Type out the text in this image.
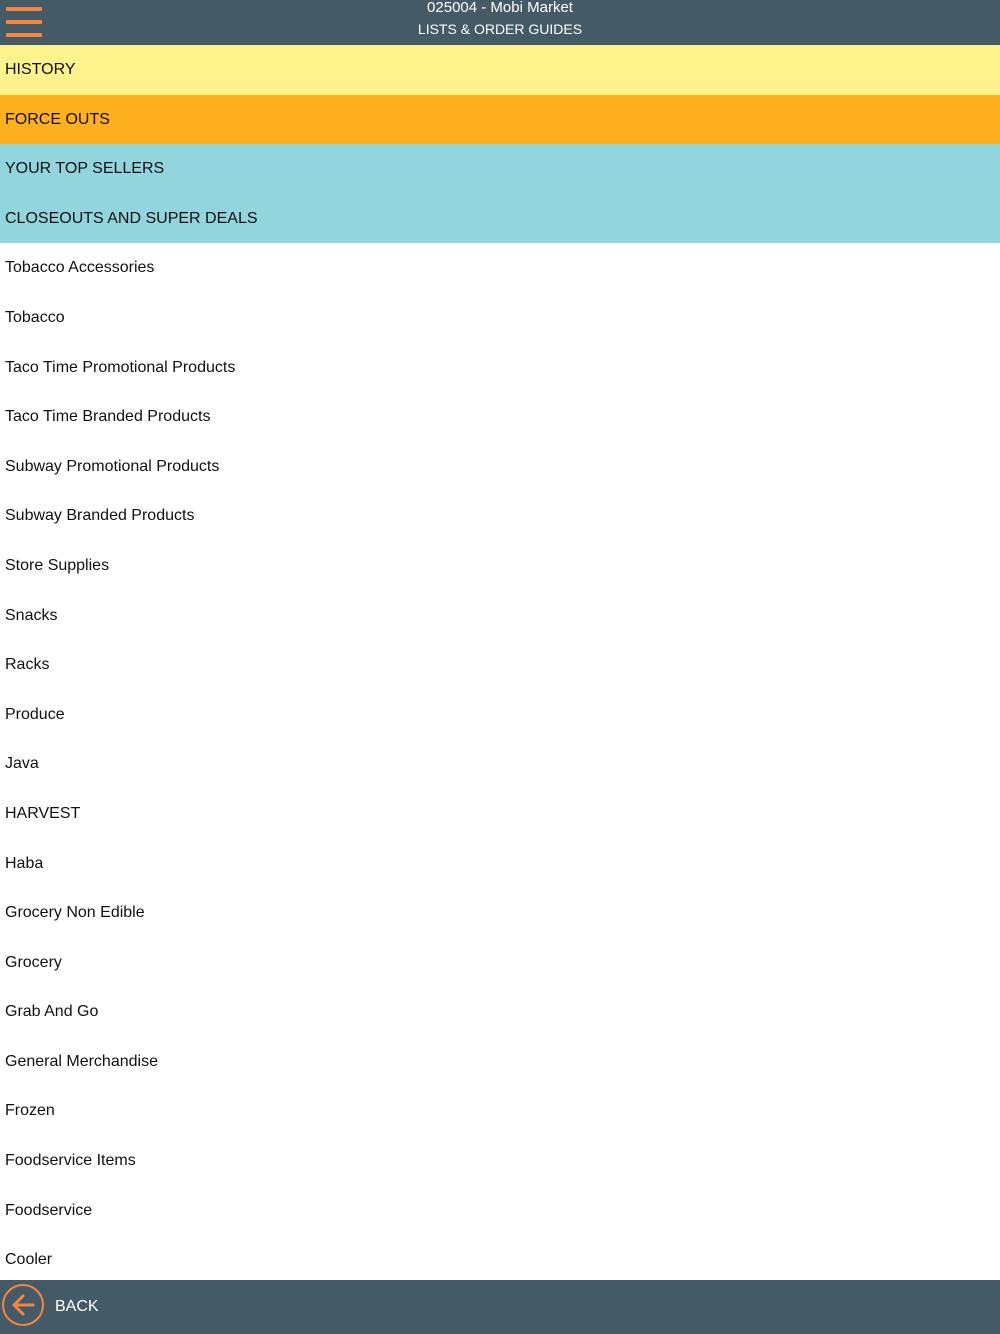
025004 - Mobi Market
LISTS & ORDER GUIDES
HISTORY
FORCE OUTS
YOUR TOP SELLERS
CLOSEOUTS AND SUPER DEALS
Tobacco Accessories
Tobacco
Taco Time Promotional Products
Taco Time Branded Products
Subway Promotional Products
Subway Branded Products
Store Supplies
Snacks
Racks
Produce
Java
HARVEST
Haba
Grocery Non Edible
Grocery
Grab And Go
General Merchandise
Frozen
Foodservice Items
Foodservice
Cooler
BACK
